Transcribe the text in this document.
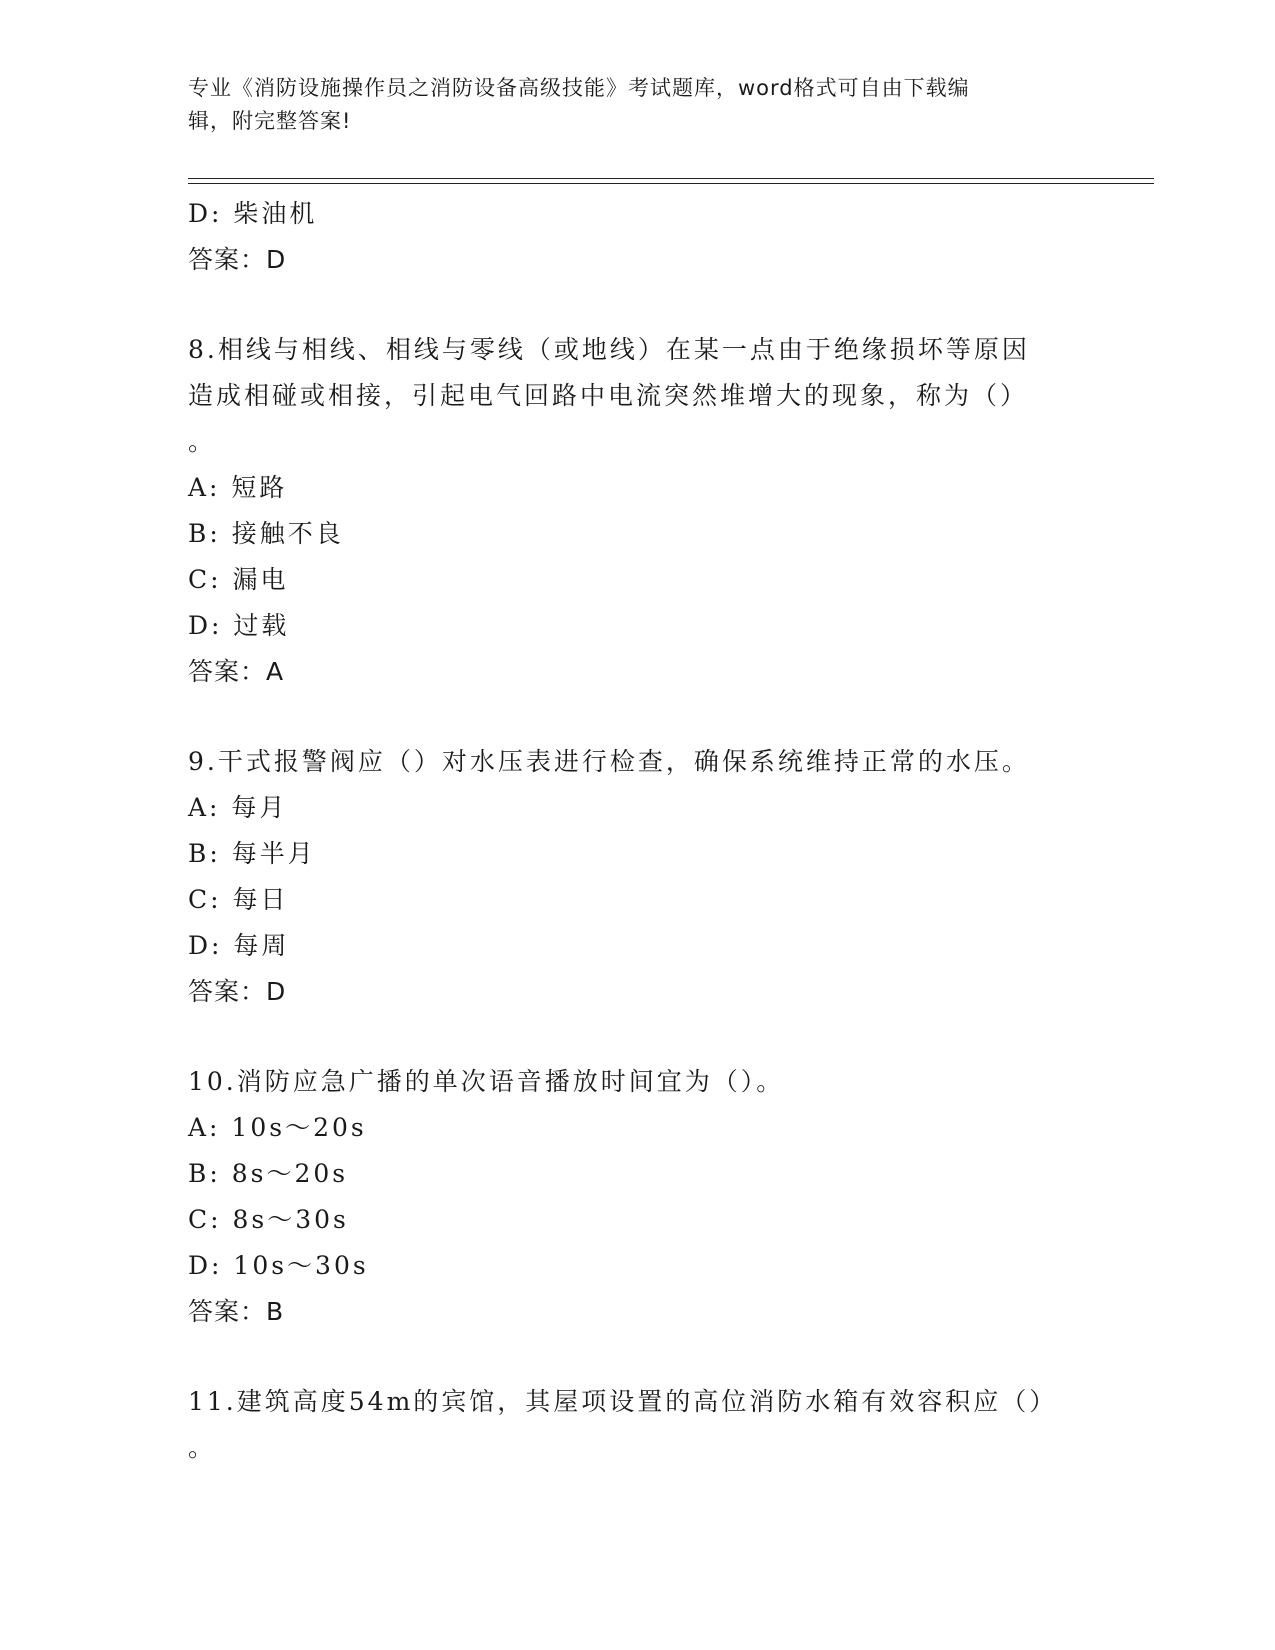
专业《消防设施操作员之消防设备高级技能》考试题库，word格式可自由下载编
辑，附完整答案!
D: 柴油机
答案：D
8.相线与相线、相线与零线（或地线）在某一点由于绝缘损坏等原因
造成相碰或相接，引起电气回路中电流突然堆增大的现象，称为（）
。
A: 短路
B: 接触不良
C: 漏电
D: 过载
答案：A
9.干式报警阀应（）对水压表进行检查，确保系统维持正常的水压。
A: 每月
B: 每半月
C: 每日
D: 每周
答案：D
10.消防应急广播的单次语音播放时间宜为（）。
A: 10s～20s
B: 8s～20s
C: 8s～30s
D: 10s～30s
答案：B
11.建筑高度54m的宾馆，其屋项设置的高位消防水箱有效容积应（）
。
